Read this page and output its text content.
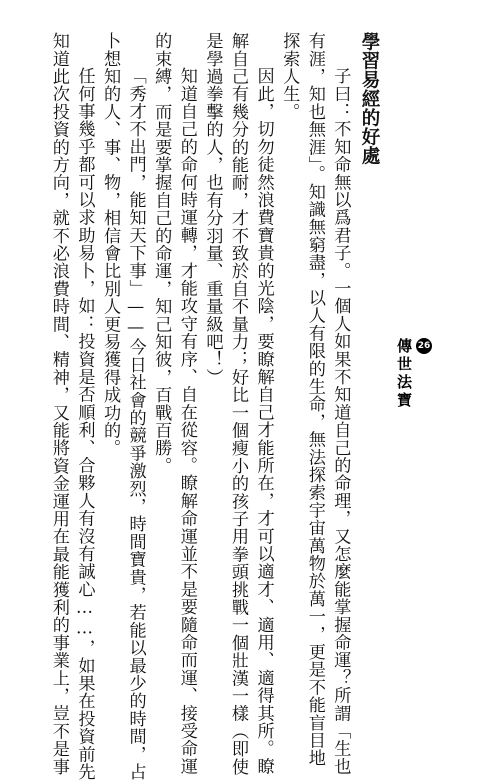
26
傳世法寶
學習易經的好處
子曰：不知命無以爲君子。一個人如果不知道自己的命理，又怎麼能掌握命運？所謂「生也
有涯，知也無涯」。知識無窮盡，以人有限的生命，無法探索宇宙萬物於萬一，更是不能盲目地
探索人生。
因此，切勿徒然浪費寶貴的光陰，要瞭解自己才能所在，才可以適才、適用、適得其所。瞭
解自己有幾分的能耐，才不致於自不量力；好比一個瘦小的孩子用拳頭挑戰一個壯漢一樣（即使
是學過拳擊的人，也有分羽量、重量級吧！）
知道自己的命何時運轉，才能攻守有序、自在從容。瞭解命運並不是要隨命而運、接受命運
的束縛，而是要掌握自己的命運，知己知彼，百戰百勝。
「秀才不出門，能知天下事」——今日社會的競爭激烈，時間寶貴，若能以最少的時間，占
卜想知的人、事、物，相信會比別人更易獲得成功的。
任何事幾乎都可以求助易卜，如：投資是否順利、合夥人有沒有誠心……，如果在投資前先
知道此次投資的方向，就不必浪費時間、精神，又能將資金運用在最能獲利的事業上，豈不是事
